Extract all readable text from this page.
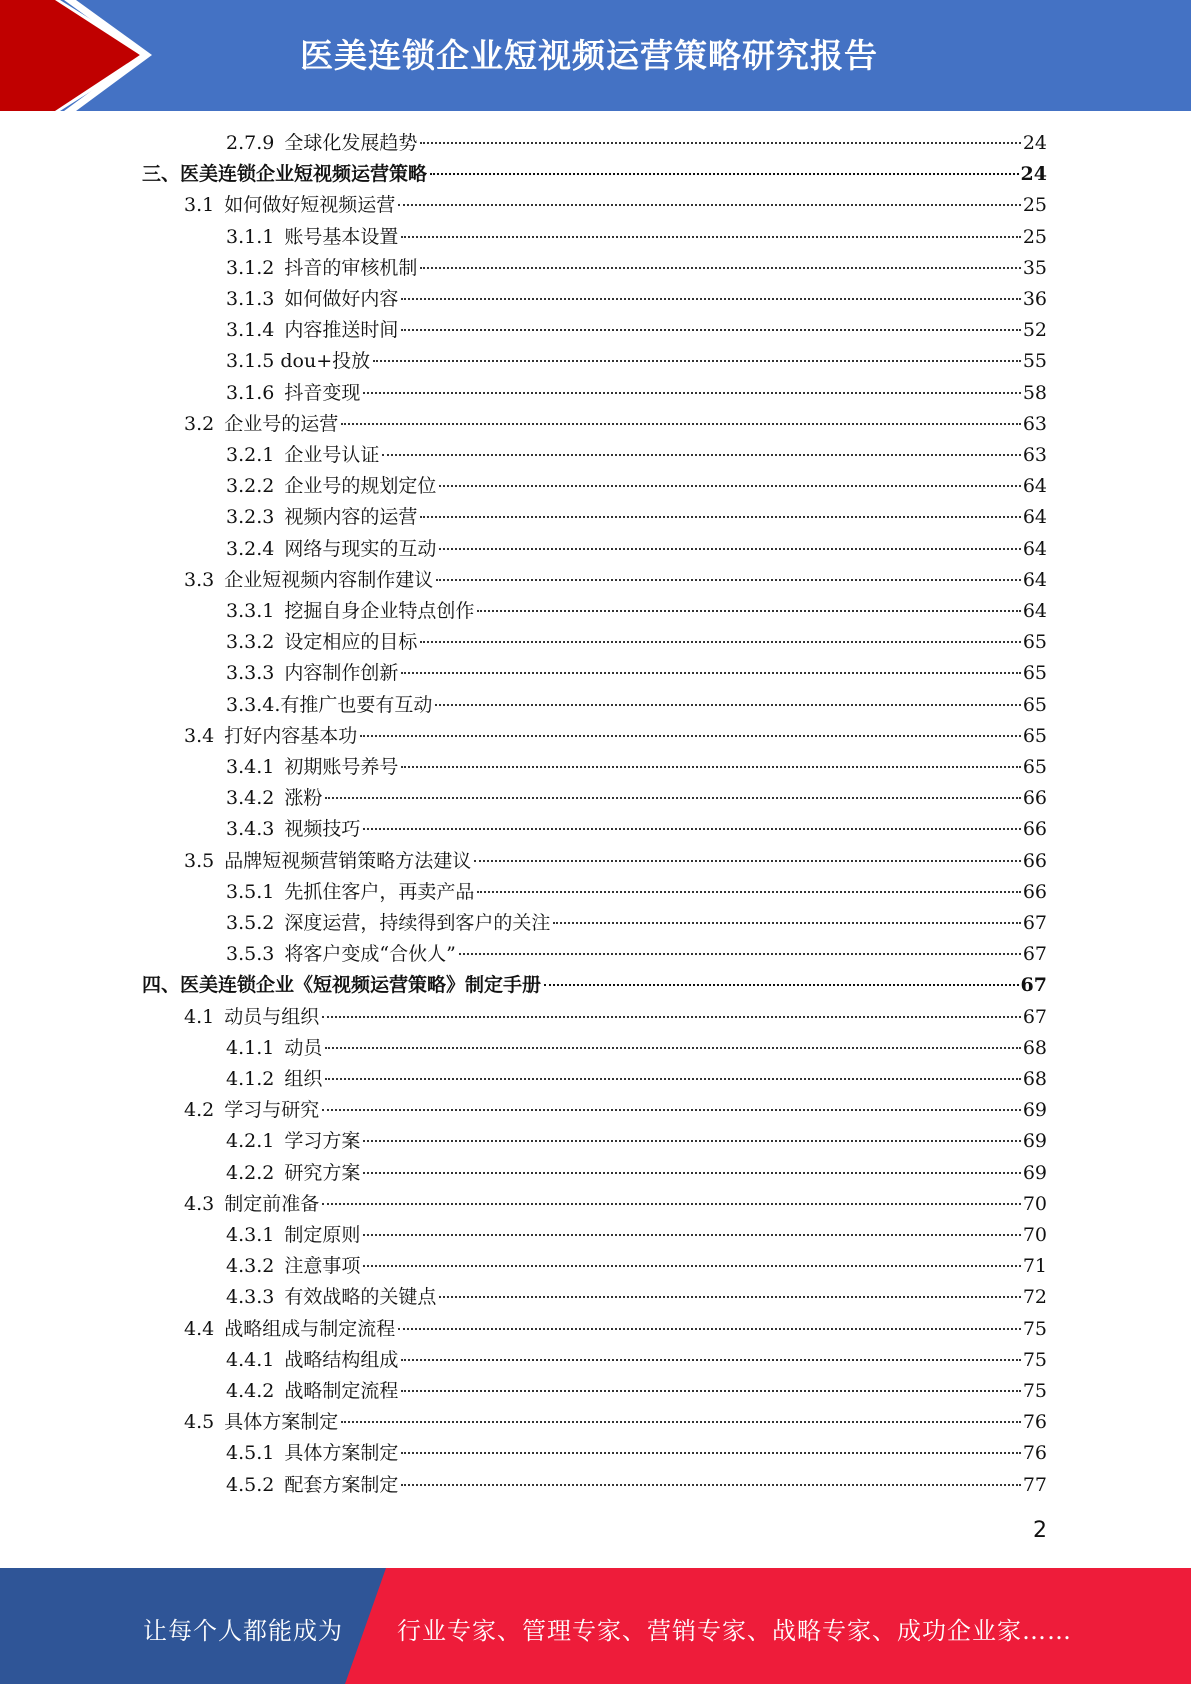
医美连锁企业短视频运营策略研究报告
2.7.9 全球化发展趋势	24
三、医美连锁企业短视频运营策略	24
3.1 如何做好短视频运营	25
3.1.1 账号基本设置	25
3.1.2 抖音的审核机制	35
3.1.3 如何做好内容	36
3.1.4 内容推送时间	52
3.1.5 dou+投放	55
3.1.6 抖音变现	58
3.2 企业号的运营	63
3.2.1 企业号认证	63
3.2.2 企业号的规划定位	64
3.2.3 视频内容的运营	64
3.2.4 网络与现实的互动	64
3.3 企业短视频内容制作建议	64
3.3.1 挖掘自身企业特点创作	64
3.3.2 设定相应的目标	65
3.3.3 内容制作创新	65
3.3.4.有推广也要有互动	65
3.4 打好内容基本功	65
3.4.1 初期账号养号	65
3.4.2 涨粉	66
3.4.3 视频技巧	66
3.5 品牌短视频营销策略方法建议	66
3.5.1 先抓住客户，再卖产品	66
3.5.2 深度运营，持续得到客户的关注	67
3.5.3 将客户变成“合伙人”	67
四、医美连锁企业《短视频运营策略》制定手册	67
4.1 动员与组织	67
4.1.1 动员	68
4.1.2 组织	68
4.2 学习与研究	69
4.2.1 学习方案	69
4.2.2 研究方案	69
4.3 制定前准备	70
4.3.1 制定原则	70
4.3.2 注意事项	71
4.3.3 有效战略的关键点	72
4.4 战略组成与制定流程	75
4.4.1 战略结构组成	75
4.4.2 战略制定流程	75
4.5 具体方案制定	76
4.5.1 具体方案制定	76
4.5.2 配套方案制定	77
2
让每个人都能成为 行业专家、管理专家、营销专家、战略专家、成功企业家……
